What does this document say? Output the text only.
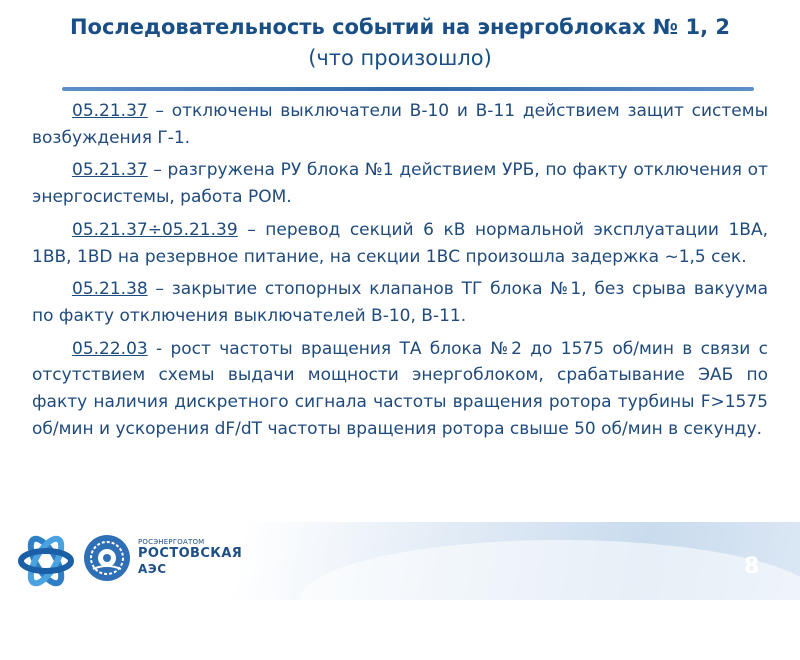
Последовательность событий на энергоблоках № 1, 2
(что произошло)

05.21.37 – отключены выключатели В-10 и В-11 действием защит системы возбуждения Г-1.

05.21.37 – разгружена РУ блока №1 действием УРБ, по факту отключения от энергосистемы, работа РОМ.

05.21.37÷05.21.39 – перевод секций 6 кВ нормальной эксплуатации 1ВА, 1ВВ, 1ВD на резервное питание, на секции 1ВС произошла задержка ~1,5 сек.

05.21.38 – закрытие стопорных клапанов ТГ блока №1, без срыва вакуума по факту отключения выключателей В-10, В-11.

05.22.03 - рост частоты вращения ТА блока №2 до 1575 об/мин в связи с отсутствием схемы выдачи мощности энергоблоком, срабатывание ЭАБ по факту наличия дискретного сигнала частоты вращения ротора турбины F>1575 об/мин и ускорения dF/dT частоты вращения ротора свыше 50 об/мин в секунду.

РОСЭНЕРГОАТОМ
РОСТОВСКАЯ
АЭС	8
